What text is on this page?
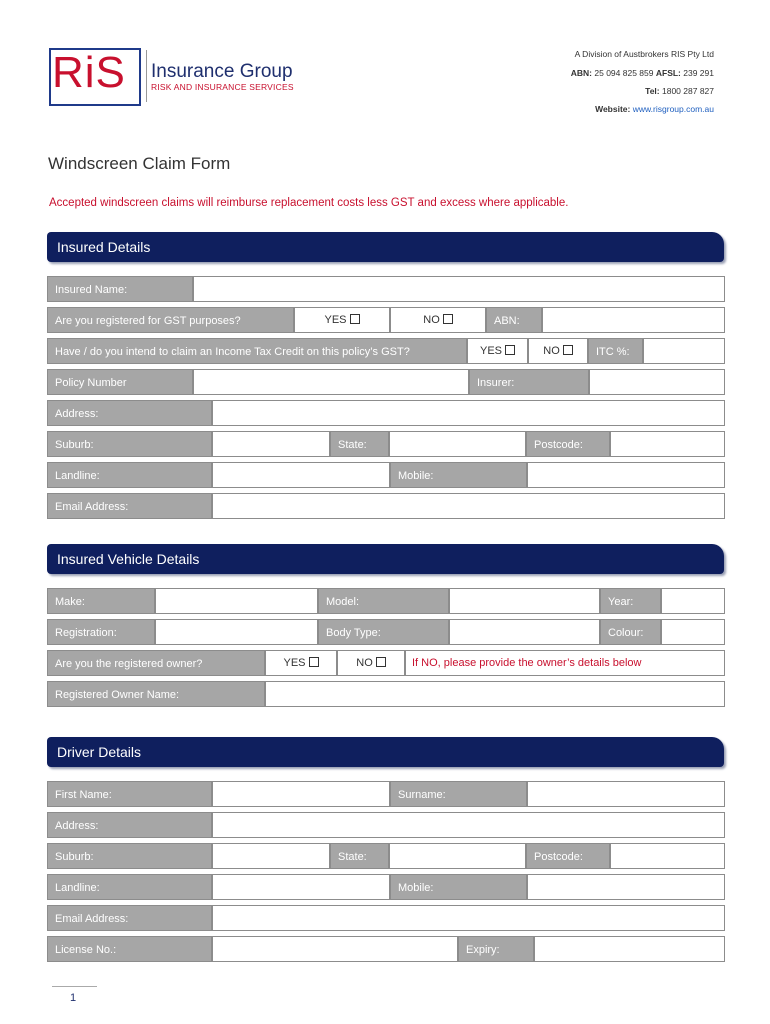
RiS Insurance Group
RISK AND INSURANCE SERVICES
A Division of Austbrokers RIS Pty Ltd
ABN: 25 094 825 859 AFSL: 239 291
Tel: 1800 287 827
Website: www.risgroup.com.au
Windscreen Claim Form
Accepted windscreen claims will reimburse replacement costs less GST and excess where applicable.
Insured Details
Insured Name:
Are you registered for GST purposes?	YES	NO	ABN:
Have / do you intend to claim an Income Tax Credit on this policy’s GST?	YES	NO	ITC %:
Policy Number	Insurer:
Address:
Suburb:	State:	Postcode:
Landline:	Mobile:
Email Address:
Insured Vehicle Details
Make:	Model:	Year:
Registration:	Body Type:	Colour:
Are you the registered owner?	YES	NO	If NO, please provide the owner’s details below
Registered Owner Name:
Driver Details
First Name:	Surname:
Address:
Suburb:	State:	Postcode:
Landline:	Mobile:
Email Address:
License No.:	Expiry:
1
